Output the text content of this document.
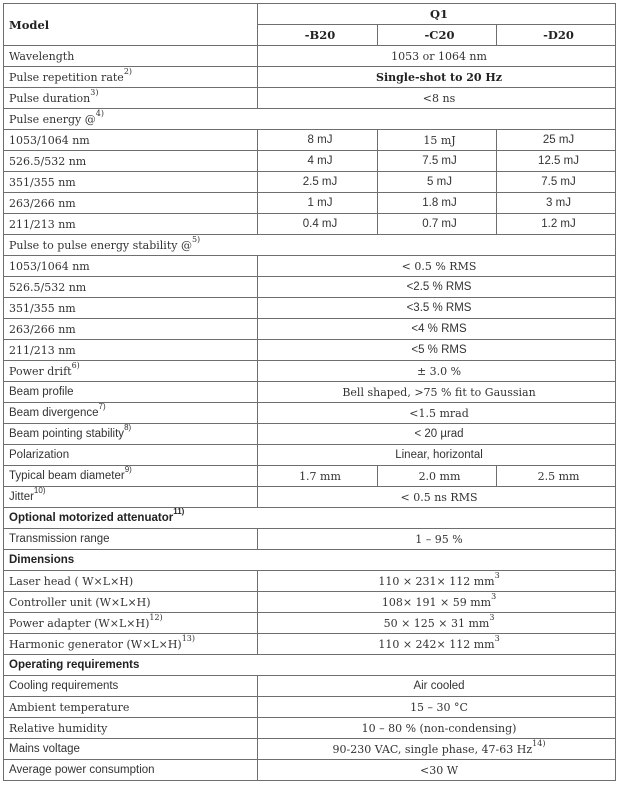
Model	Q1		
	-B20	-C20	-D20
Wavelength	1053 or 1064 nm		
Pulse repetition rate$^{2)}$	Single-shot to 20 Hz		
Pulse duration$^{3)}$	<8 ns		
Pulse energy @$^{4)}$
1053/1064 nm	8 mJ	15 mJ	25 mJ
526.5/532 nm	4 mJ	7.5 mJ	12.5 mJ
351/355 nm	2.5 mJ	5 mJ	7.5 mJ
263/266 nm	1 mJ	1.8 mJ	3 mJ
211/213 nm	0.4 mJ	0.7 mJ	1.2 mJ
Pulse to pulse energy stability @$^{5)}$
1053/1064 nm	< 0.5 % RMS		
526.5/532 nm	<2.5 % RMS		
351/355 nm	<3.5 % RMS		
263/266 nm	<4 % RMS		
211/213 nm	<5 % RMS		
Power drift$^{6)}$	± 3.0 %		
Beam profile	Bell shaped, >75 % fit to Gaussian		
Beam divergence$^{7)}$	<1.5 mrad		
Beam pointing stability$^{8)}$	< 20 µrad		
Polarization	Linear, horizontal		
Typical beam diameter$^{9)}$	1.7 mm	2.0 mm	2.5 mm
Jitter$^{10)}$	< 0.5 ns RMS		
Optional motorized attenuator$^{11)}$
Transmission range	1 – 95 %		
Dimensions			
Laser head ( W×L×H)	110 × 231× 112 $mm^3$
Controller unit (W×L×H)	108× 191 × 59 $mm^3$
Power adapter $(W\times L\times H)^{12)}$	50 × 125 × 31 $mm^3$
Harmonic generator $(W\times L\times H)^{13)}$	110 × 242× 112 $mm^3$
Operating requirements			
Cooling requirements	Air cooled		
Ambient temperature	15 – 30 °C		
Relative humidity	10 – 80 % (non-condensing)		
Mains voltage	90-230 VAC, single phase, 47-63 Hz$^{14)}$
Average power consumption	<30 W		
